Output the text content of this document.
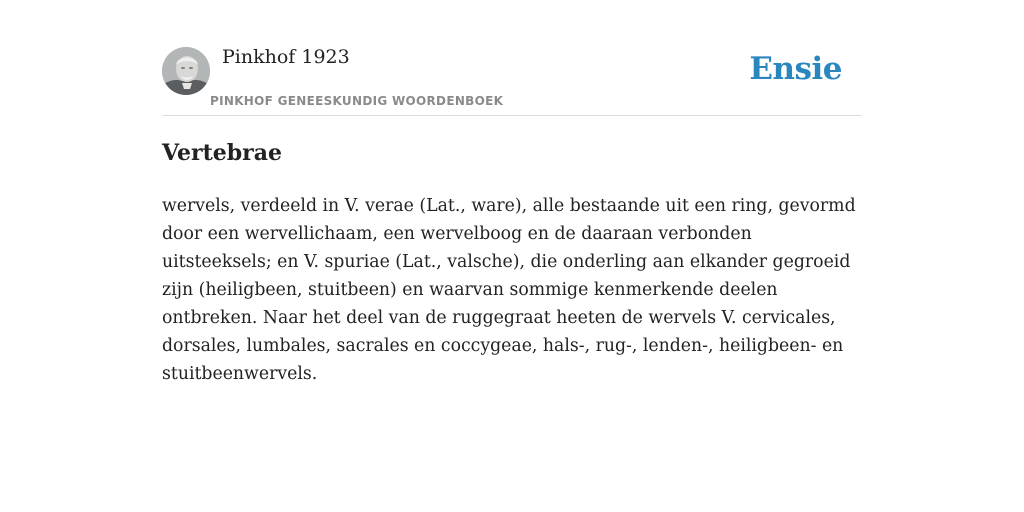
Pinkhof 1923
PINKHOF GENEESKUNDIG WOORDENBOEK
Ensie
Vertebrae

wervels, verdeeld in V. verae (Lat., ware), alle bestaande uit een ring, gevormd door een wervellichaam, een wervelboog en de daaraan verbonden uitsteeksels; en V. spuriae (Lat., valsche), die onderling aan elkander gegroeid zijn (heiligbeen, stuitbeen) en waarvan sommige kenmerkende deelen ontbreken. Naar het deel van de ruggegraat heeten de wervels V. cervicales, dorsales, lumbales, sacrales en coccygeae, hals-, rug-, lenden-, heiligbeen- en stuitbeenwervels.
